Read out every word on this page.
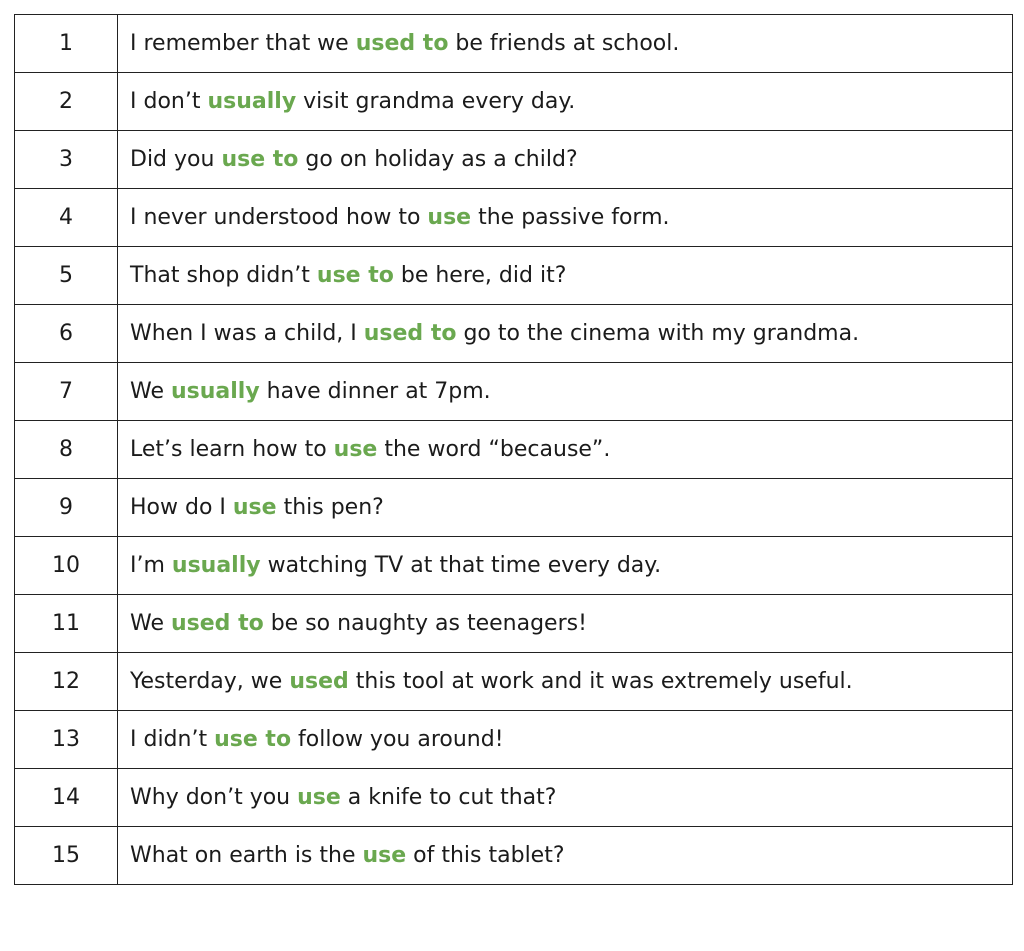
1	I remember that we used to be friends at school.
2	I don’t usually visit grandma every day.
3	Did you use to go on holiday as a child?
4	I never understood how to use the passive form.
5	That shop didn’t use to be here, did it?
6	When I was a child, I used to go to the cinema with my grandma.
7	We usually have dinner at 7pm.
8	Let’s learn how to use the word “because”.
9	How do I use this pen?
10	I’m usually watching TV at that time every day.
11	We used to be so naughty as teenagers!
12	Yesterday, we used this tool at work and it was extremely useful.
13	I didn’t use to follow you around!
14	Why don’t you use a knife to cut that?
15	What on earth is the use of this tablet?
